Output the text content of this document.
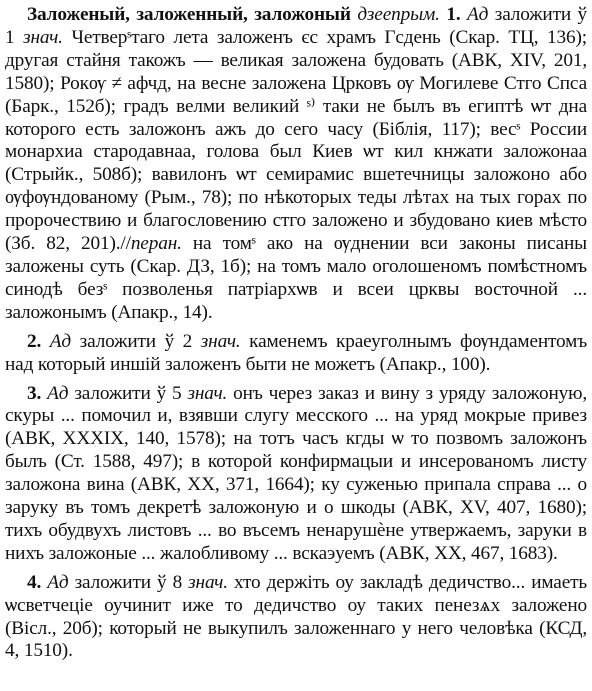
Заложеный, заложенный, заложоный дзеепрым. 1. Ад заложити ў 1 знач. Четверˢтаго лета заложенъ єс храмъ Гсдень (Скар. ТЦ, 136); другая стайня такожъ — великая заложена будовать (АВК, XIV, 201, 1580); Рокѹ ≠ афчд, на весне заложена Црковъ ѹ Могилеве Стго Спса (Барк., 152б); градъ велми великий ˢ⁾ таки не былъ въ египтѣ ѡт дна которого есть заложонъ ажъ до сего часу (Біблія, 117); весˢ России монархиа стародавнаа, голова был Киев ѡт кил кнжати заложонаа (Стрыйк., 508б); вавилонъ ѡт семирамис вшетечницы заложоно або ѹфѹндованому (Рым., 78); по нѣкоторых теды лѣтах на тых горах по пророчествию и благословению стго заложено и збудовано киев мѣсто (Зб. 82, 201).//перан. на томˢ ако на ѹднении вси законы писаны заложены суть (Скар. ДЗ, 1б); на томъ мало оголошеномъ помѣстномъ синодѣ безˢ позволенья патріархѡв и всеи црквы восточной ... заложонымъ (Апакр., 14).

2. Ад заложити ў 2 знач. каменемъ краеуголнымъ фѹндаментомъ над который иншій заложенъ быти не можетъ (Апакр., 100).

3. Ад заложити ў 5 знач. онъ через заказ и вину з уряду заложоную, скуры ... помочил и, взявши слугу месского ... на уряд мокрые привез (АВК, XXXIX, 140, 1578); на тотъ часъ кгды ѡ то позвомъ заложонъ былъ (Ст. 1588, 497); в которой конфирмацыи и инсерованомъ листу заложона вина (АВК, XX, 371, 1664); ку суженью припала справа ... о заруку въ томъ декретѣ заложоную и о шкоды (АВК, XV, 407, 1680); тихъ обудвухъ листовъ ... во въсемъ ненарушѐне утвержаемъ, заруки в нихъ заложоные ... жалобливому ... вскаэуемъ (АВК, XX, 467, 1683).

4. Ад заложити ў 8 знач. хто держіть оу закладѣ дедичство... имаеть ѡсветчеціе оучинит иже то дедичство оу таких пенезѧх заложено (Вісл., 20б); который не выкупилъ заложеннаго у него человѣка (КСД, 4, 1510).
